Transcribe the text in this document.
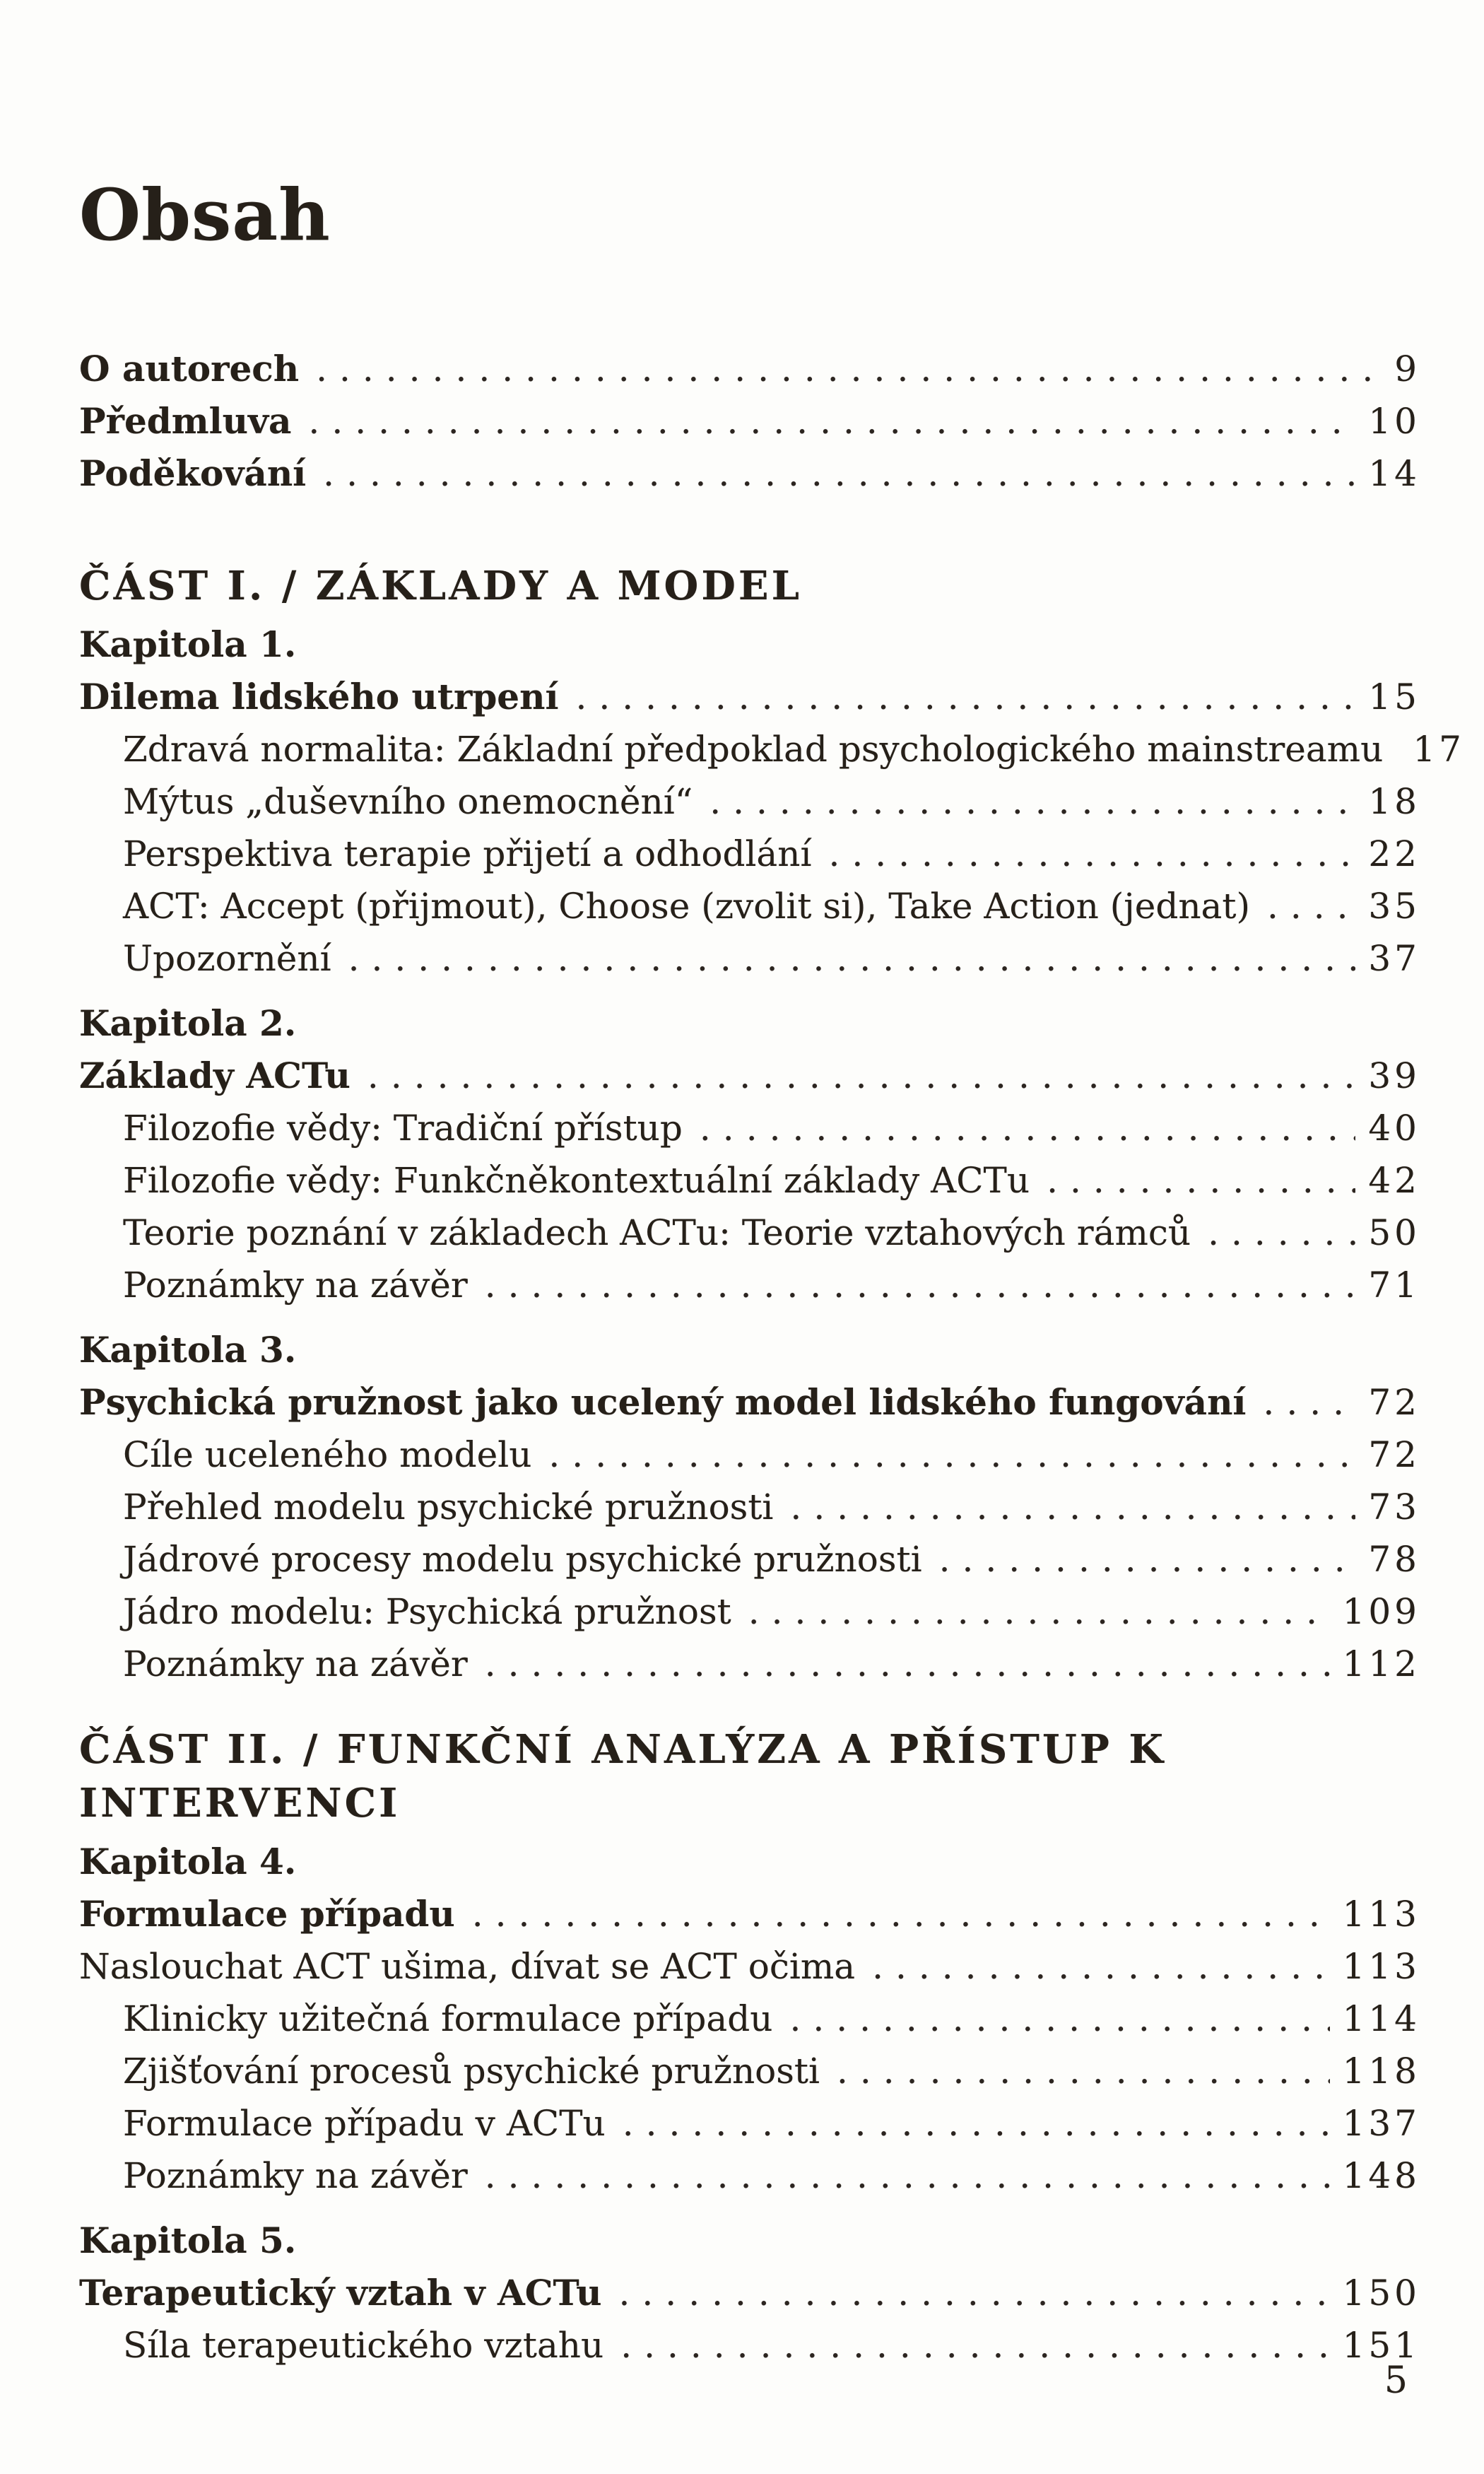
Obsah
O autorech .....	9
Předmluva .....	10
Poděkování .....	14
ČÁST I. / ZÁKLADY A MODEL
Kapitola 1.
Dilema lidského utrpení .....	15
Zdravá normalita: Základní předpoklad psychologického mainstreamu 17
Mýtus „duševního onemocnění“ .....	18
Perspektiva terapie přijetí a odhodlání .....	22
ACT: Accept (přijmout), Choose (zvolit si), Take Action (jednat) .....	35
Upozornění .....	37
Kapitola 2.
Základy ACTu .....	39
Filozofie vědy: Tradiční přístup .....	40
Filozofie vědy: Funkčněkontextuální základy ACTu .....	42
Teorie poznání v základech ACTu: Teorie vztahových rámců .....	50
Poznámky na závěr .....	71
Kapitola 3.
Psychická pružnost jako ucelený model lidského fungování .....	72
Cíle uceleného modelu .....	72
Přehled modelu psychické pružnosti .....	73
Jádrové procesy modelu psychické pružnosti .....	78
Jádro modelu: Psychická pružnost .....	109
Poznámky na závěr .....	112
ČÁST II. / FUNKČNÍ ANALÝZA A PŘÍSTUP K INTERVENCI
Kapitola 4.
Formulace případu .....	113
Naslouchat ACT ušima, dívat se ACT očima .....	113
Klinicky užitečná formulace případu .....	114
Zjišťování procesů psychické pružnosti .....	118
Formulace případu v ACTu .....	137
Poznámky na závěr .....	148
Kapitola 5.
Terapeutický vztah v ACTu .....	150
Síla terapeutického vztahu .....	151
5
